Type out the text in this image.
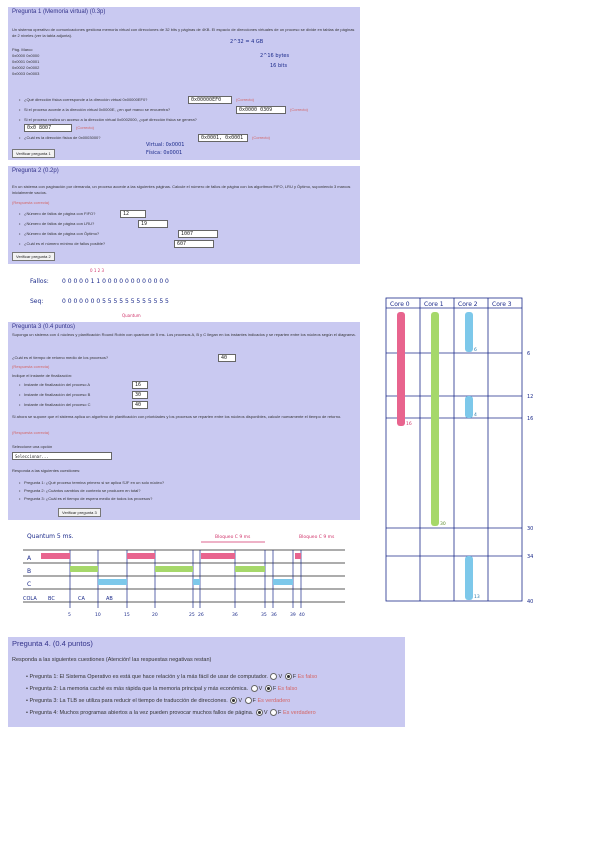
Pregunta 1 (Memoria virtual) (0.3p)
Un sistema operativo de comunicaciones gestiona memoria virtual con direcciones de 32 bits y páginas de 4KB. El espacio de direcciones virtuales de un proceso se divide en tablas de páginas de 2 niveles (ver la tabla adjunta).
Pág. Marco
0x0000 0x0000
0x0001 0x0001
0x0002 0x0002
0x0003 0x0003
2^32 = 4 GB
2^16 bytes
16 bits
• ¿Qué dirección física corresponde a la dirección virtual 0x00000EF0?	0x00000EF0	(Correcto)
• Si el proceso accede a la dirección virtual 0x0000E, ¿en qué marco se encuentra?	0x0000 0309	(Correcto)
• Si el proceso realiza un acceso a la dirección virtual 0x0002000, ¿qué dirección física se genera?
0x0 8007	(Correcto)
• ¿Cuál es la dirección física de 0x0003000?	0x0001, 0x0001	(Correcto)
Virtual: 0x0001
Física: 0x0001
Verificar pregunta 1
Pregunta 2 (0.2p)
En un sistema con paginación por demanda, un proceso accede a las siguientes páginas. Calcule el número de fallos de página con los algoritmos FIFO, LRU y Óptimo, suponiendo 3 marcos inicialmente vacíos.
(Respuesta correcta)
• ¿Número de fallos de página con FIFO?	12
• ¿Número de fallos de página con LRU?	19
• ¿Número de fallos de página con Óptimo?	1007
• ¿Cuál es el número mínimo de fallos posible?	607
Verificar pregunta 2
0 1 2 3
Fallos: 0 0 0 0 0 1 1 0 0 0 0 0 0 0 0 0 0 0 0
Seq:	0 0 0 0 0 0 0 5 5 5 5 5 5 5 5 5 5 5 5
Quantum
Pregunta 3 (0.4 puntos)
Suponga un sistema con 4 núcleos y planificación Round Robin con quantum de 5 ms. Los procesos A, B y C llegan en los instantes indicados y se reparten entre los núcleos según el diagrama.
¿Cuál es el tiempo de retorno medio de los procesos?	40
(Respuesta correcta)
Indique el instante de finalización:
• Instante de finalización del proceso A	16
• Instante de finalización del proceso B	30
• Instante de finalización del proceso C	40
Si ahora se supone que el sistema aplica un algoritmo de planificación con prioridades y los procesos se reparten entre los núcleos disponibles, calcule nuevamente el tiempo de retorno.
(Respuesta correcta)
Seleccione una opción
Seleccionar...
Responda a las siguientes cuestiones:
• Pregunta 1: ¿Qué proceso termina primero si se aplica SJF en un solo núcleo?
• Pregunta 2: ¿Cuántos cambios de contexto se producen en total?
• Pregunta 3: ¿Cuál es el tiempo de espera medio de todos los procesos?
Verificar pregunta 3
Quantum 5 ms.	Bloqueo C 9 ms	Bloqueo C 9 ms
A
B
C
COLA BC	CA	AB
5	10	15	20	25 26	36	35 36	39 40
Core 0 Core 1 Core 2 Core 3
6
12
16
30
34
40
16
30
6
4
13
Pregunta 4. (0.4 puntos)
Responda a las siguientes cuestiones (Atención! las respuestas negativas restan)
• Pregunta 1: El Sistema Operativo es está que hace relación y la más fácil de usar de computador. V F Es falso
• Pregunta 2: La memoria caché es más rápida que la memoria principal y más económica. V F Es falso
• Pregunta 3: La TLB se utiliza para reducir el tiempo de traducción de direcciones. V F Es verdadero
• Pregunta 4: Muchos programas abiertos a la vez pueden provocar muchos fallos de página. V F Es verdadero
